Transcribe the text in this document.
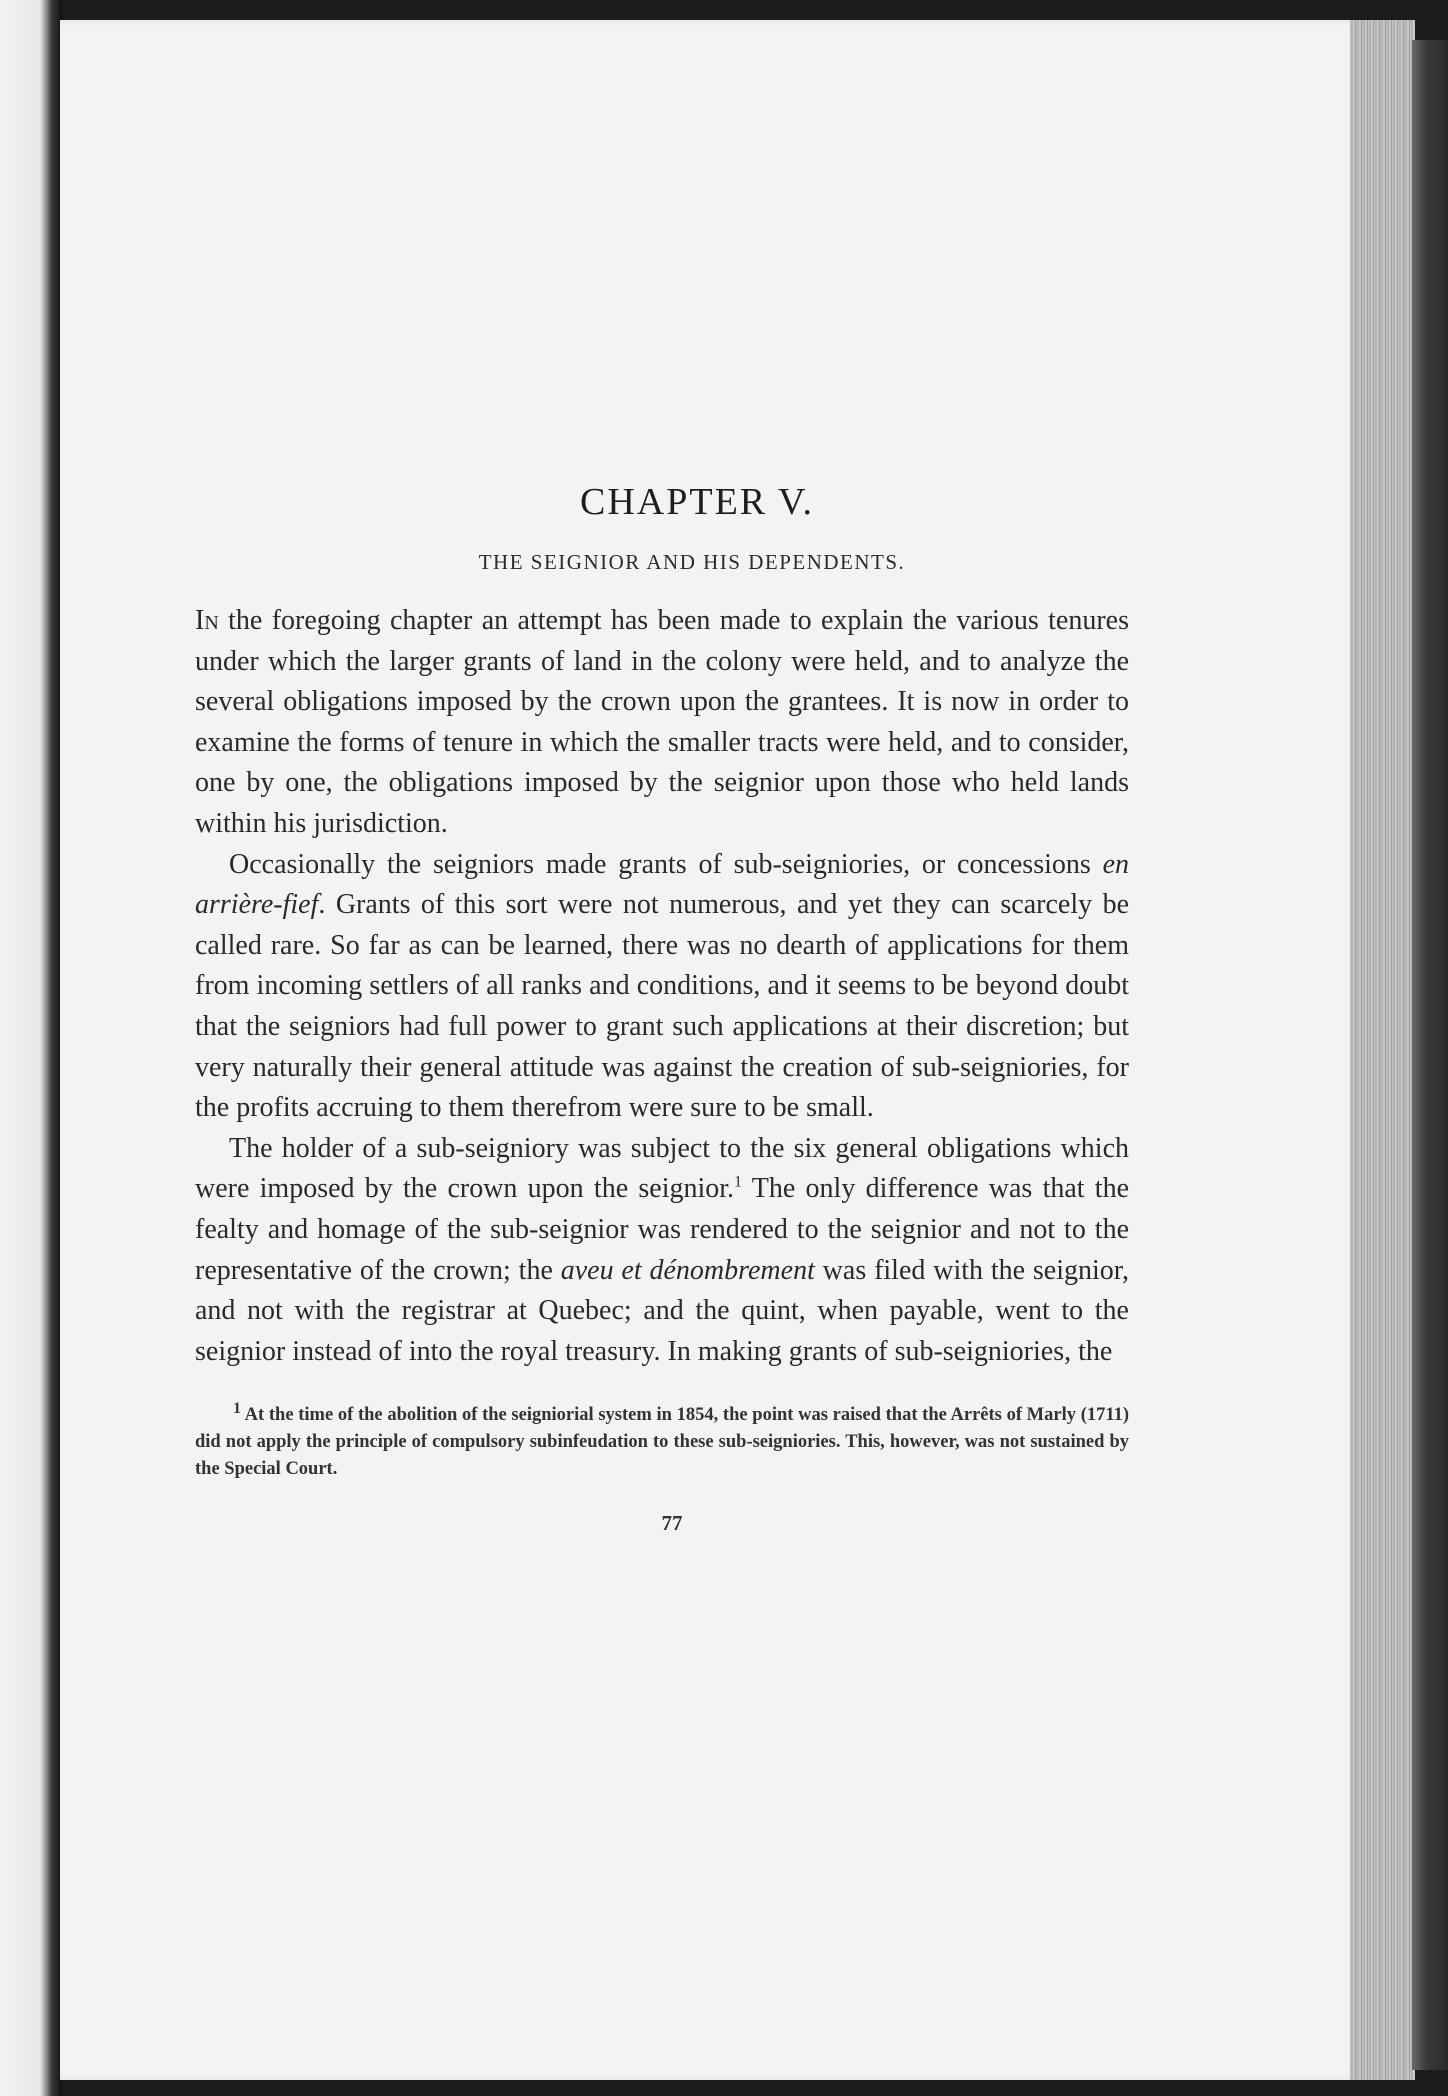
CHAPTER V.
THE SEIGNIOR AND HIS DEPENDENTS.

In the foregoing chapter an attempt has been made to explain the various tenures under which the larger grants of land in the colony were held, and to analyze the several obligations imposed by the crown upon the grantees. It is now in order to examine the forms of tenure in which the smaller tracts were held, and to consider, one by one, the obligations imposed by the seignior upon those who held lands within his jurisdiction.

Occasionally the seigniors made grants of sub-seigniories, or concessions en arrière-fief. Grants of this sort were not numerous, and yet they can scarcely be called rare. So far as can be learned, there was no dearth of applications for them from incoming settlers of all ranks and conditions, and it seems to be beyond doubt that the seigniors had full power to grant such applications at their discretion; but very naturally their general attitude was against the creation of sub-seigniories, for the profits accruing to them therefrom were sure to be small.

The holder of a sub-seigniory was subject to the six general obligations which were imposed by the crown upon the seignior.$^1$ The only difference was that the fealty and homage of the sub-seignior was rendered to the seignior and not to the representative of the crown; the aveu et dénombrement was filed with the seignior, and not with the registrar at Quebec; and the quint, when payable, went to the seignior instead of into the royal treasury. In making grants of sub-seigniories, the

$^1$ At the time of the abolition of the seigniorial system in 1854, the point was raised that the Arrêts of Marly (1711) did not apply the principle of compulsory subinfeudation to these sub-seigniories. This, however, was not sustained by the Special Court.

77
